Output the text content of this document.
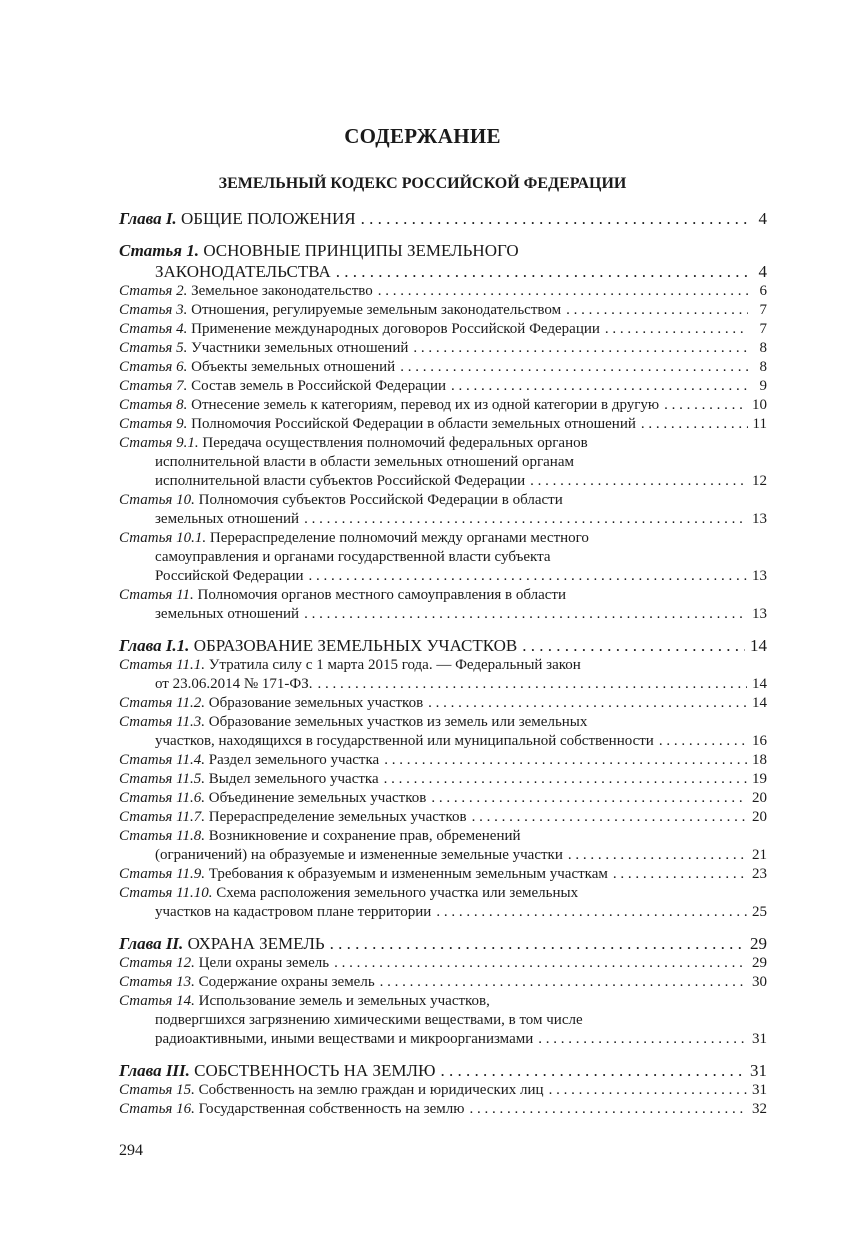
СОДЕРЖАНИЕ
ЗЕМЕЛЬНЫЙ КОДЕКС РОССИЙСКОЙ ФЕДЕРАЦИИ
Глава I.
ОБЩИЕ ПОЛОЖЕНИЯ . . .	4
Статья 1.
ОСНОВНЫЕ ПРИНЦИПЫ ЗЕМЕЛЬНОГО
ЗАКОНОДАТЕЛЬСТВА . . .	4
Статья 2.
Земельное законодательство . . .	6
Статья 3.
Отношения, регулируемые земельным законодательством . . .	7
Статья 4.
Применение международных договоров Российской Федерации . . .	7
Статья 5.
Участники земельных отношений . . .	8
Статья 6.
Объекты земельных отношений . . .	8
Статья 7.
Состав земель в Российской Федерации . . .	9
Статья 8.
Отнесение земель к категориям, перевод их из одной категории в другую . . .	10
Статья 9.
Полномочия Российской Федерации в области земельных отношений . . .	11
Статья 9.1.
Передача осуществления полномочий федеральных органов
исполнительной власти в области земельных отношений органам
исполнительной власти субъектов Российской Федерации . . .	12
Статья 10.
Полномочия субъектов Российской Федерации в области
земельных отношений . . .	13
Статья 10.1.
Перераспределение полномочий между органами местного
самоуправления и органами государственной власти субъекта
Российской Федерации . . .	13
Статья 11.
Полномочия органов местного самоуправления в области
земельных отношений . . .	13
Глава I.1.
ОБРАЗОВАНИЕ ЗЕМЕЛЬНЫХ УЧАСТКОВ . . .	14
Статья 11.1.
Утратила силу с 1 марта 2015 года. — Федеральный закон
от 23.06.2014 № 171-ФЗ. . . .	14
Статья 11.2.
Образование земельных участков . . .	14
Статья 11.3.
Образование земельных участков из земель или земельных
участков, находящихся в государственной или муниципальной собственности . . .	16
Статья 11.4.
Раздел земельного участка . . .	18
Статья 11.5.
Выдел земельного участка . . .	19
Статья 11.6.
Объединение земельных участков . . .	20
Статья 11.7.
Перераспределение земельных участков . . .	20
Статья 11.8.
Возникновение и сохранение прав, обременений
(ограничений) на образуемые и измененные земельные участки . . .	21
Статья 11.9.
Требования к образуемым и измененным земельным участкам . . .	23
Статья 11.10.
Схема расположения земельного участка или земельных
участков на кадастровом плане территории . . .	25
Глава II.
ОХРАНА ЗЕМЕЛЬ . . .	29
Статья 12.
Цели охраны земель . . .	29
Статья 13.
Содержание охраны земель . . .	30
Статья 14.
Использование земель и земельных участков,
подвергшихся загрязнению химическими веществами, в том числе
радиоактивными, иными веществами и микроорганизмами . . .	31
Глава III.
СОБСТВЕННОСТЬ НА ЗЕМЛЮ . . .	31
Статья 15.
Собственность на землю граждан и юридических лиц . . .	31
Статья 16.
Государственная собственность на землю . . .	32
294
